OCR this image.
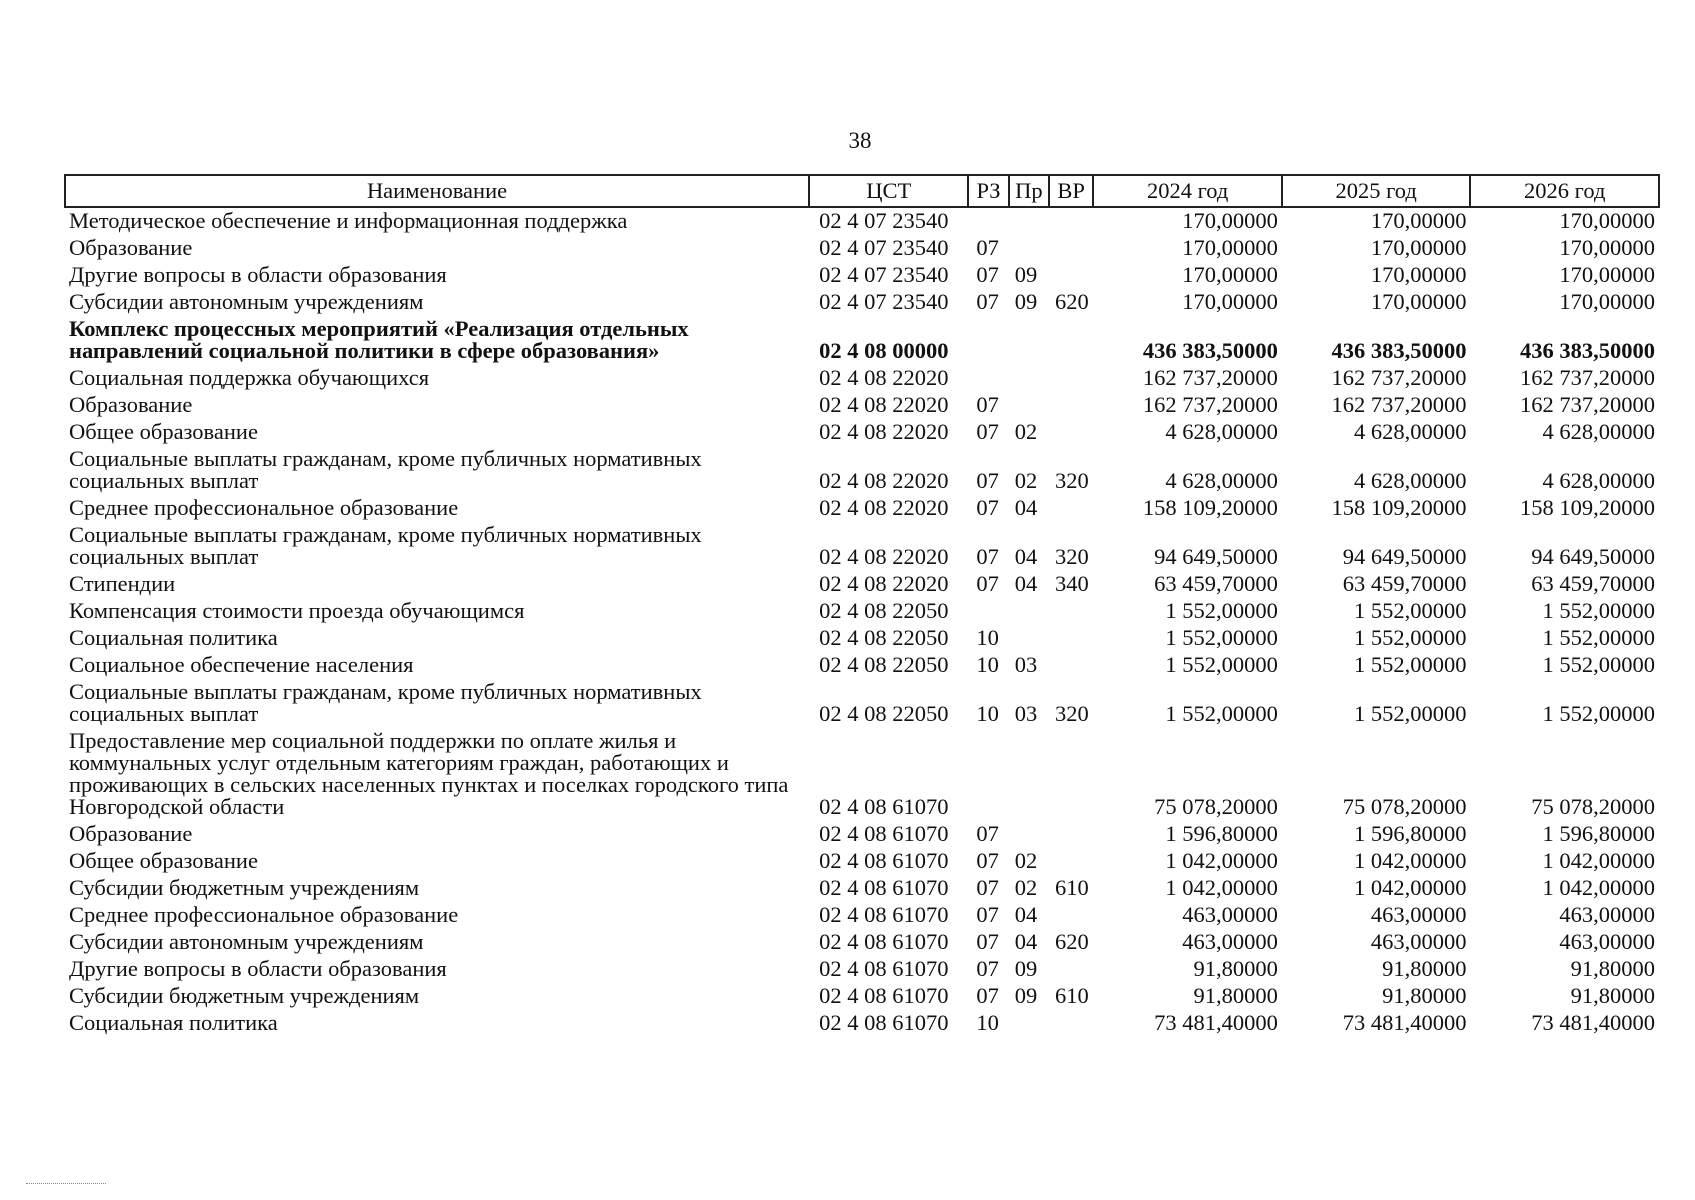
38
Наименование	ЦСТ	РЗ	Пр	ВР	2024 год	2025 год	2026 год
Методическое обеспечение и информационная поддержка	02 4 07 23540				170,00000	170,00000	170,00000
Образование	02 4 07 23540	07			170,00000	170,00000	170,00000
Другие вопросы в области образования	02 4 07 23540	07	09		170,00000	170,00000	170,00000
Субсидии автономным учреждениям	02 4 07 23540	07	09	620	170,00000	170,00000	170,00000
Комплекс процессных мероприятий «Реализация отдельных направлений социальной политики в сфере образования»	02 4 08 00000				436 383,50000	436 383,50000	436 383,50000
Социальная поддержка обучающихся	02 4 08 22020				162 737,20000	162 737,20000	162 737,20000
Образование	02 4 08 22020	07			162 737,20000	162 737,20000	162 737,20000
Общее образование	02 4 08 22020	07	02		4 628,00000	4 628,00000	4 628,00000
Социальные выплаты гражданам, кроме публичных нормативных социальных выплат	02 4 08 22020	07	02	320	4 628,00000	4 628,00000	4 628,00000
Среднее профессиональное образование	02 4 08 22020	07	04		158 109,20000	158 109,20000	158 109,20000
Социальные выплаты гражданам, кроме публичных нормативных социальных выплат	02 4 08 22020	07	04	320	94 649,50000	94 649,50000	94 649,50000
Стипендии	02 4 08 22020	07	04	340	63 459,70000	63 459,70000	63 459,70000
Компенсация стоимости проезда обучающимся	02 4 08 22050				1 552,00000	1 552,00000	1 552,00000
Социальная политика	02 4 08 22050	10			1 552,00000	1 552,00000	1 552,00000
Социальное обеспечение населения	02 4 08 22050	10	03		1 552,00000	1 552,00000	1 552,00000
Социальные выплаты гражданам, кроме публичных нормативных социальных выплат	02 4 08 22050	10	03	320	1 552,00000	1 552,00000	1 552,00000
Предоставление мер социальной поддержки по оплате жилья и коммунальных услуг отдельным категориям граждан, работающих и проживающих в сельских населенных пунктах и поселках городского типа Новгородской области	02 4 08 61070				75 078,20000	75 078,20000	75 078,20000
Образование	02 4 08 61070	07			1 596,80000	1 596,80000	1 596,80000
Общее образование	02 4 08 61070	07	02		1 042,00000	1 042,00000	1 042,00000
Субсидии бюджетным учреждениям	02 4 08 61070	07	02	610	1 042,00000	1 042,00000	1 042,00000
Среднее профессиональное образование	02 4 08 61070	07	04		463,00000	463,00000	463,00000
Субсидии автономным учреждениям	02 4 08 61070	07	04	620	463,00000	463,00000	463,00000
Другие вопросы в области образования	02 4 08 61070	07	09		91,80000	91,80000	91,80000
Субсидии бюджетным учреждениям	02 4 08 61070	07	09	610	91,80000	91,80000	91,80000
Социальная политика	02 4 08 61070	10			73 481,40000	73 481,40000	73 481,40000
